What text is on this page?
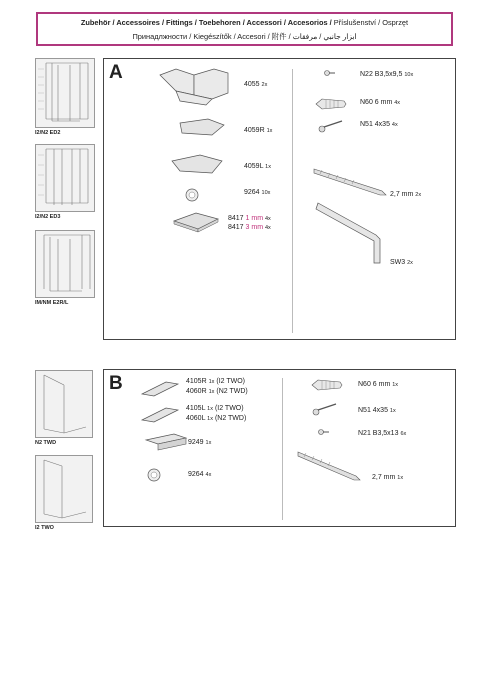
Zubehör / Accessoires / Fittings / Toebehoren / Accessori / Accesorios / Příslušenství / Osprzęt
Принадлжности / Kiegészítők / Accesori / 附件 / ابزار جانبي / مرفقات
I2/N2 ED2
I2/N2 ED3
IM/NM E2R/L
N2 TWD
I2 TWO
A
4055 2x
4059R 1x
4059L 1x
9264 10x
8417 1 mm 4x
8417 3 mm 4x
N22 B3,5x9,5 10x
N60 6 mm 4x
N51 4x35 4x
2,7 mm 2x
SW3 2x
B	4105R 1x (I2 TWO)
4060R 1x (N2 TWD)
4105L 1x (I2 TWO)
4060L 1x (N2 TWD)
9249 1x
9264 4x
N60 6 mm 1x
N51 4x35 1x
N21 B3,5x13 6x
2,7 mm 1x
